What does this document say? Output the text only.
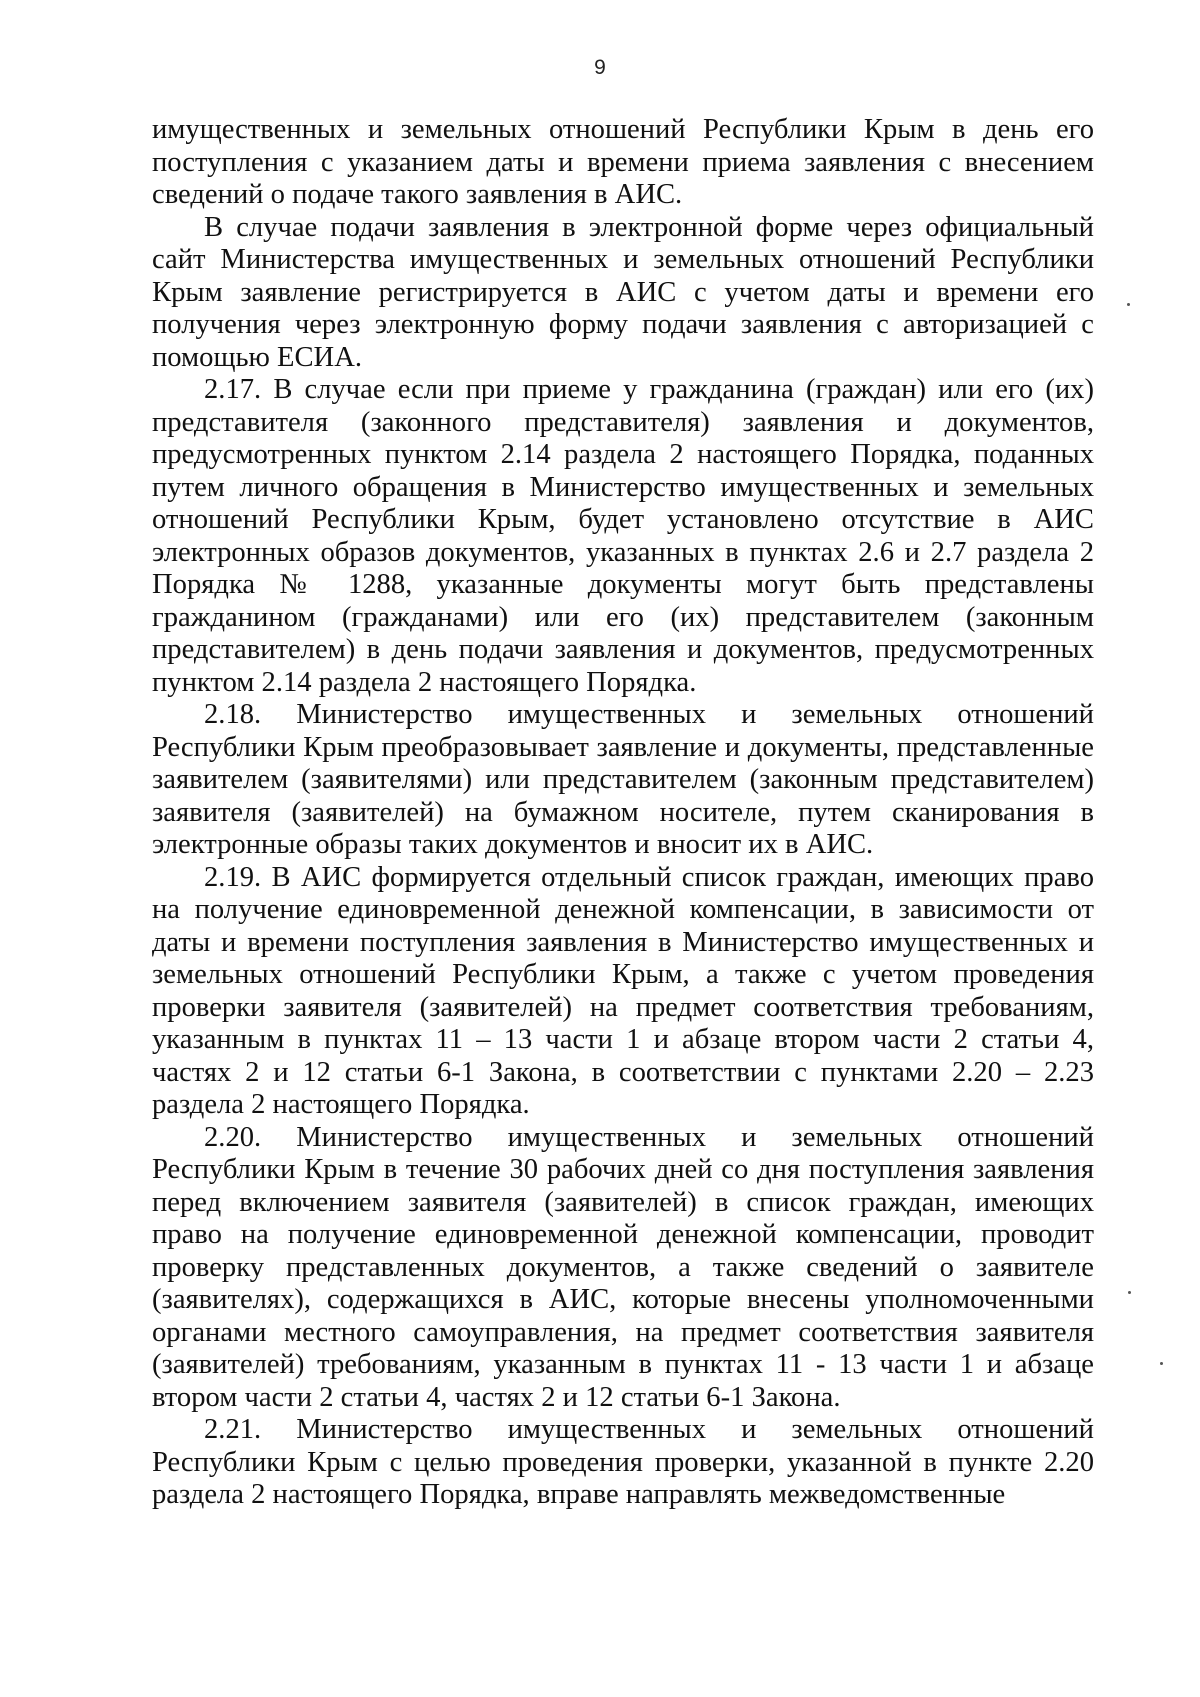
9

имущественных и земельных отношений Республики Крым в день его поступления с указанием даты и времени приема заявления с внесением сведений о подаче такого заявления в АИС.

В случае подачи заявления в электронной форме через официальный сайт Министерства имущественных и земельных отношений Республики Крым заявление регистрируется в АИС с учетом даты и времени его получения через электронную форму подачи заявления с авторизацией с помощью ЕСИА.

2.17. В случае если при приеме у гражданина (граждан) или его (их) представителя (законного представителя) заявления и документов, предусмотренных пунктом 2.14 раздела 2 настоящего Порядка, поданных путем личного обращения в Министерство имущественных и земельных отношений Республики Крым, будет установлено отсутствие в АИС электронных образов документов, указанных в пунктах 2.6 и 2.7 раздела 2 Порядка № 1288, указанные документы могут быть представлены гражданином (гражданами) или его (их) представителем (законным представителем) в день подачи заявления и документов, предусмотренных пунктом 2.14 раздела 2 настоящего Порядка.

2.18. Министерство имущественных и земельных отношений Республики Крым преобразовывает заявление и документы, представленные заявителем (заявителями) или представителем (законным представителем) заявителя (заявителей) на бумажном носителе, путем сканирования в электронные образы таких документов и вносит их в АИС.

2.19. В АИС формируется отдельный список граждан, имеющих право на получение единовременной денежной компенсации, в зависимости от даты и времени поступления заявления в Министерство имущественных и земельных отношений Республики Крым, а также с учетом проведения проверки заявителя (заявителей) на предмет соответствия требованиям, указанным в пунктах 11 – 13 части 1 и абзаце втором части 2 статьи 4, частях 2 и 12 статьи 6-1 Закона, в соответствии с пунктами 2.20 – 2.23 раздела 2 настоящего Порядка.

2.20. Министерство имущественных и земельных отношений Республики Крым в течение 30 рабочих дней со дня поступления заявления перед включением заявителя (заявителей) в список граждан, имеющих право на получение единовременной денежной компенсации, проводит проверку представленных документов, а также сведений о заявителе (заявителях), содержащихся в АИС, которые внесены уполномоченными органами местного самоуправления, на предмет соответствия заявителя (заявителей) требованиям, указанным в пунктах 11 - 13 части 1 и абзаце втором части 2 статьи 4, частях 2 и 12 статьи 6-1 Закона.

2.21. Министерство имущественных и земельных отношений Республики Крым с целью проведения проверки, указанной в пункте 2.20 раздела 2 настоящего Порядка, вправе направлять межведомственные
